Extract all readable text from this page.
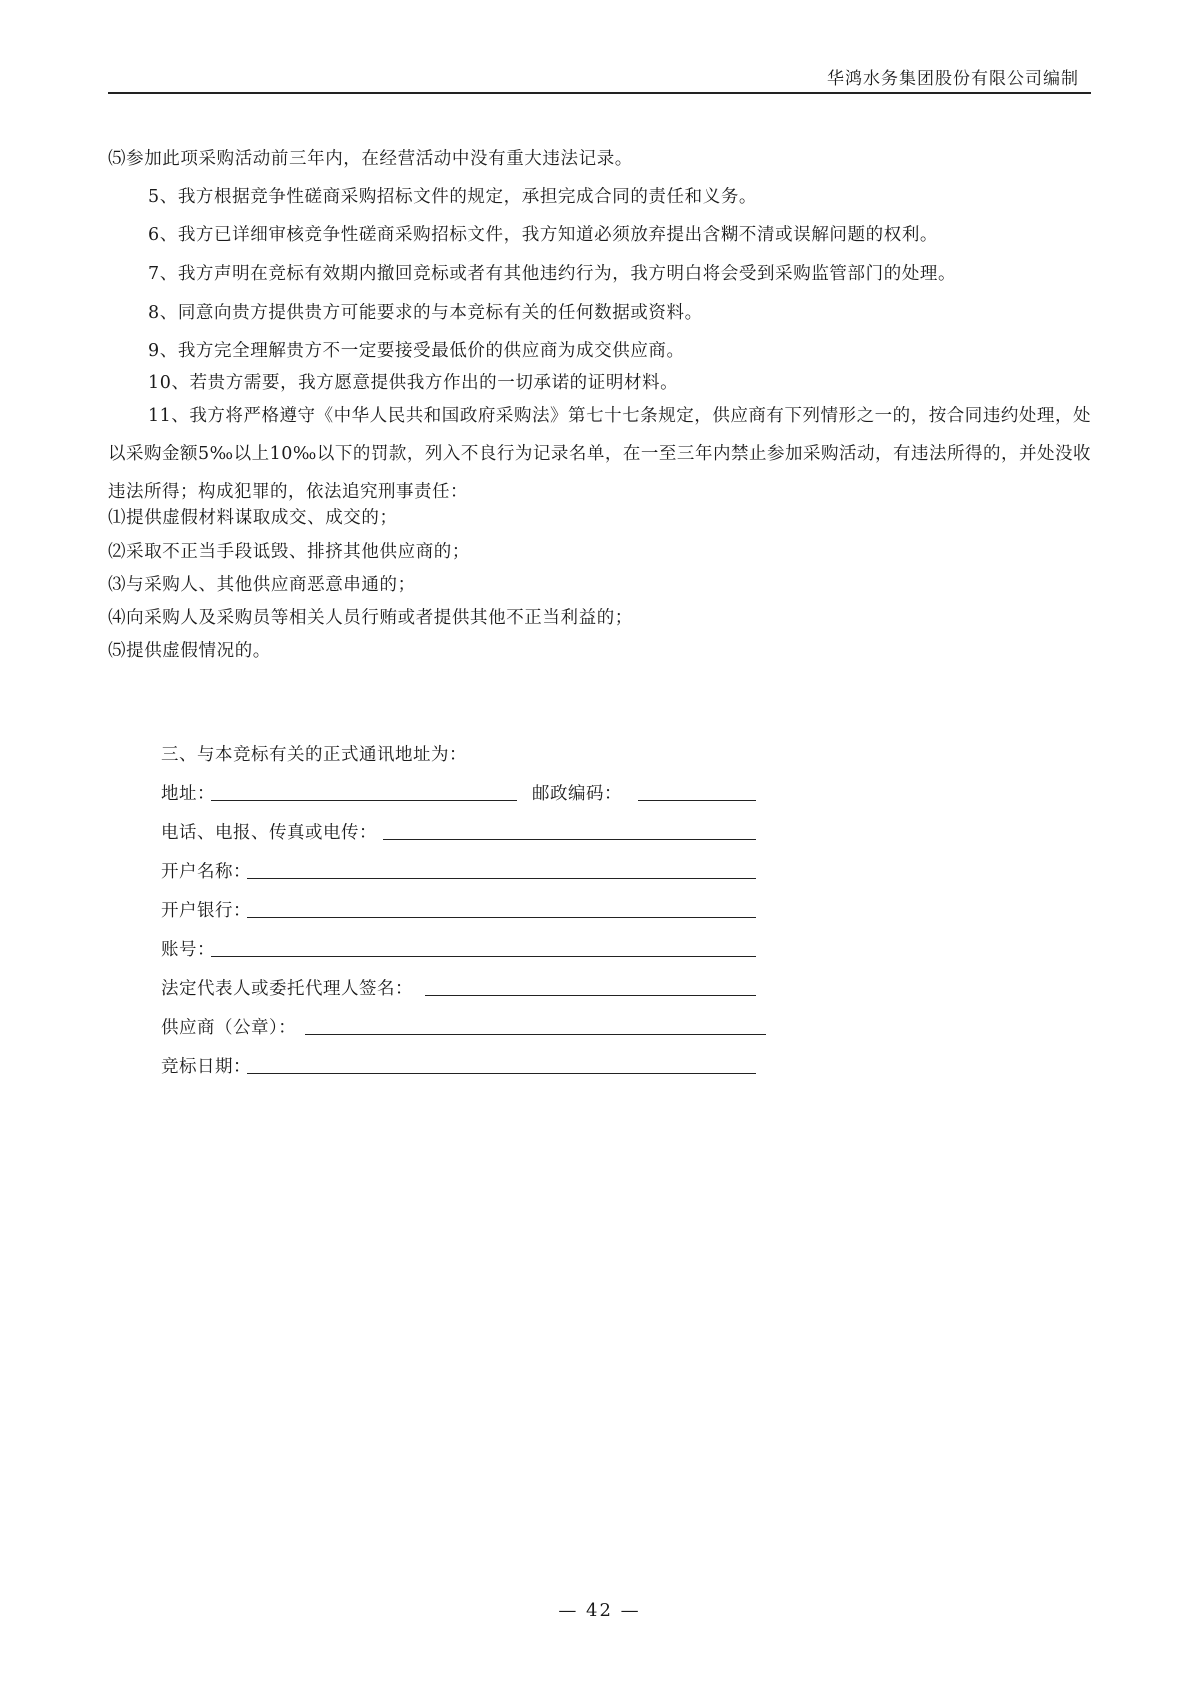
华鸿水务集团股份有限公司编制
⑸参加此项采购活动前三年内，在经营活动中没有重大违法记录。
5、我方根据竞争性磋商采购招标文件的规定，承担完成合同的责任和义务。
6、我方已详细审核竞争性磋商采购招标文件，我方知道必须放弃提出含糊不清或误解问题的权利。
7、我方声明在竞标有效期内撤回竞标或者有其他违约行为，我方明白将会受到采购监管部门的处理。
8、同意向贵方提供贵方可能要求的与本竞标有关的任何数据或资料。
9、我方完全理解贵方不一定要接受最低价的供应商为成交供应商。
10、若贵方需要，我方愿意提供我方作出的一切承诺的证明材料。
11、我方将严格遵守《中华人民共和国政府采购法》第七十七条规定，供应商有下列情形之一的，按合同违约处理，处以采购金额5‰以上10‰以下的罚款，列入不良行为记录名单，在一至三年内禁止参加采购活动，有违法所得的，并处没收违法所得；构成犯罪的，依法追究刑事责任：
⑴提供虚假材料谋取成交、成交的；
⑵采取不正当手段诋毁、排挤其他供应商的；
⑶与采购人、其他供应商恶意串通的；
⑷向采购人及采购员等相关人员行贿或者提供其他不正当利益的；
⑸提供虚假情况的。
三、与本竞标有关的正式通讯地址为：
地址：	邮政编码：
电话、电报、传真或电传：
开户名称：
开户银行：
账号：
法定代表人或委托代理人签名：
供应商（公章）：
竞标日期：
— 42 —
